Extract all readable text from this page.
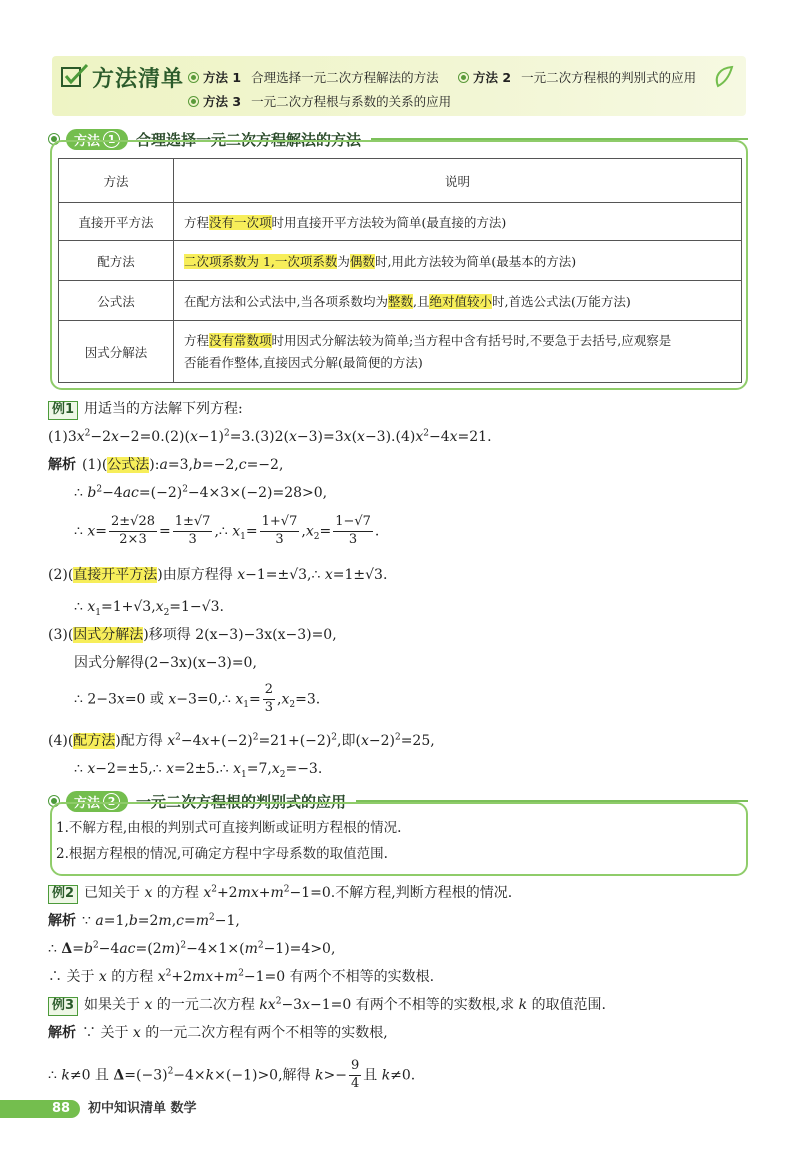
方法清单	方法 1 合理选择一元二次方程解法的方法	方法 2 一元二次方程根的判别式的应用
方法 3 一元二次方程根与系数的关系的应用
方法 1	合理选择一元二次方程解法的方法
方法	说明
直接开平方法	方程没有一次项时用直接开平方法较为简单(最直接的方法)
配方法	二次项系数为 1,一次项系数为偶数时,用此方法较为简单(最基本的方法)
公式法	在配方法和公式法中,当各项系数均为整数,且绝对值较小时,首选公式法(万能方法)
因式分解法	方程没有常数项时用因式分解法较为简单;当方程中含有括号时,不要急于去括号,应观察是
否能看作整体,直接因式分解(最简便的方法)
例1 用适当的方法解下列方程:
$(1)3x^2-2x-2=0.(2)(x-1)^2=3.(3)2(x-3)=3x(x-3).(4)x^2-4x=21$.
解析 (1)(公式法):a=3,b=−2,c=−2,
∴ $b^2-4ac=(-2)^2-4\times 3\times(-2)=28>0$,
∴ $x= \frac{2\pm√28}{2\times 3} = \frac{1\pm√7}{3}$ ,∴ $x_1= \frac{1+√7}{3} ,x_2= \frac{1-√7}{3}$ .
(2)(直接开平方法)由原方程得 x−1=±√3,∴ x=1±√3.
∴ $x_1=1+√3,x_2=1-√3$.
(3)(因式分解法)移项得 2(x−3)−3x(x−3)=0,
因式分解得(2−3x)(x−3)=0,
∴ 2−3x=0 或 x−3=0,∴ $x_1= \frac{2}{3} ,x_2=3$.
(4)(配方法)配方得 $x^2-4x+(-2)^2=21+(-2)^2$,即$(x-2)^2=25$,
∴ x−2=±5,∴ x=2±5.∴ $x_1=7,x_2=-3$.
方法 2	一元二次方程根的判别式的应用
1.不解方程,由根的判别式可直接判断或证明方程根的情况.
2.根据方程根的情况,可确定方程中字母系数的取值范围.
例2 已知关于 x 的方程 $x^2+2mx+m^2-1=0$.不解方程,判断方程根的情况.
解析 ∵ $a=1,b=2m,c=m^2-1$,
∴ $\Delta=b^2-4ac=(2m)^2-4\times 1\times(m^2-1)=4>0$,
∴ 关于 x 的方程 $x^2+2mx+m^2-1=0$ 有两个不相等的实数根.
例3 如果关于 x 的一元二次方程 $kx^2-3x-1=0$ 有两个不相等的实数根,求 k 的取值范围.
解析 ∵ 关于 x 的一元二次方程有两个不相等的实数根,
∴ k≠0 且 $\Delta=(-3)^2-4\times k\times(-1)>0$,解得 $k>- \frac{9}{4}$ 且 k≠0.
88 初中知识清单 数学
